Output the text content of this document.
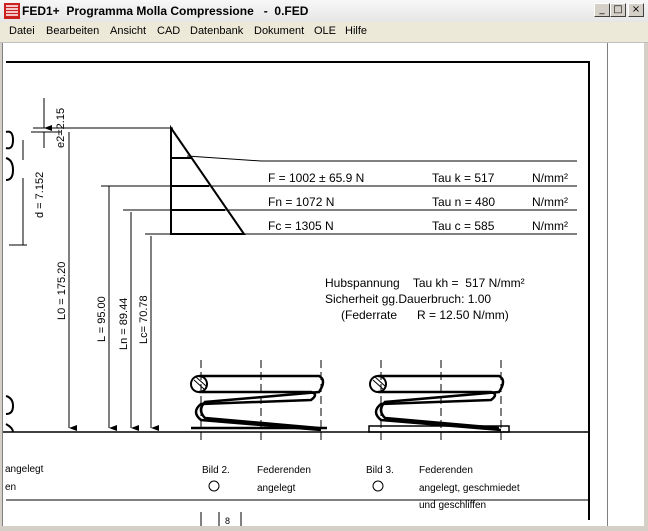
FED1+ Programma Molla Compressione   -  0.FED	_ □ ×
Datei Bearbeiten Ansicht CAD Datenbank Dokument OLE Hilfe
e2=2.15
d = 7.152
L0 = 175.20	L = 95.00 Ln = 89.44 Lc= 70.78
F = 1002 ± 65.9 N	Tau k = 517	N/mm²
Fn = 1072 N	Tau n = 480	N/mm²
Fc = 1305 N	Tau c = 585	N/mm²
Hubspannung    Tau kh =  517 N/mm²
Sicherheit gg.Dauerbruch: 1.00
(Federrate      R = 12.50 N/mm)
angelegt
en
Bild 2.	Federenden
angelegt
Bild 3.	Federenden
angelegt, geschmiedet
und geschliffen
8
